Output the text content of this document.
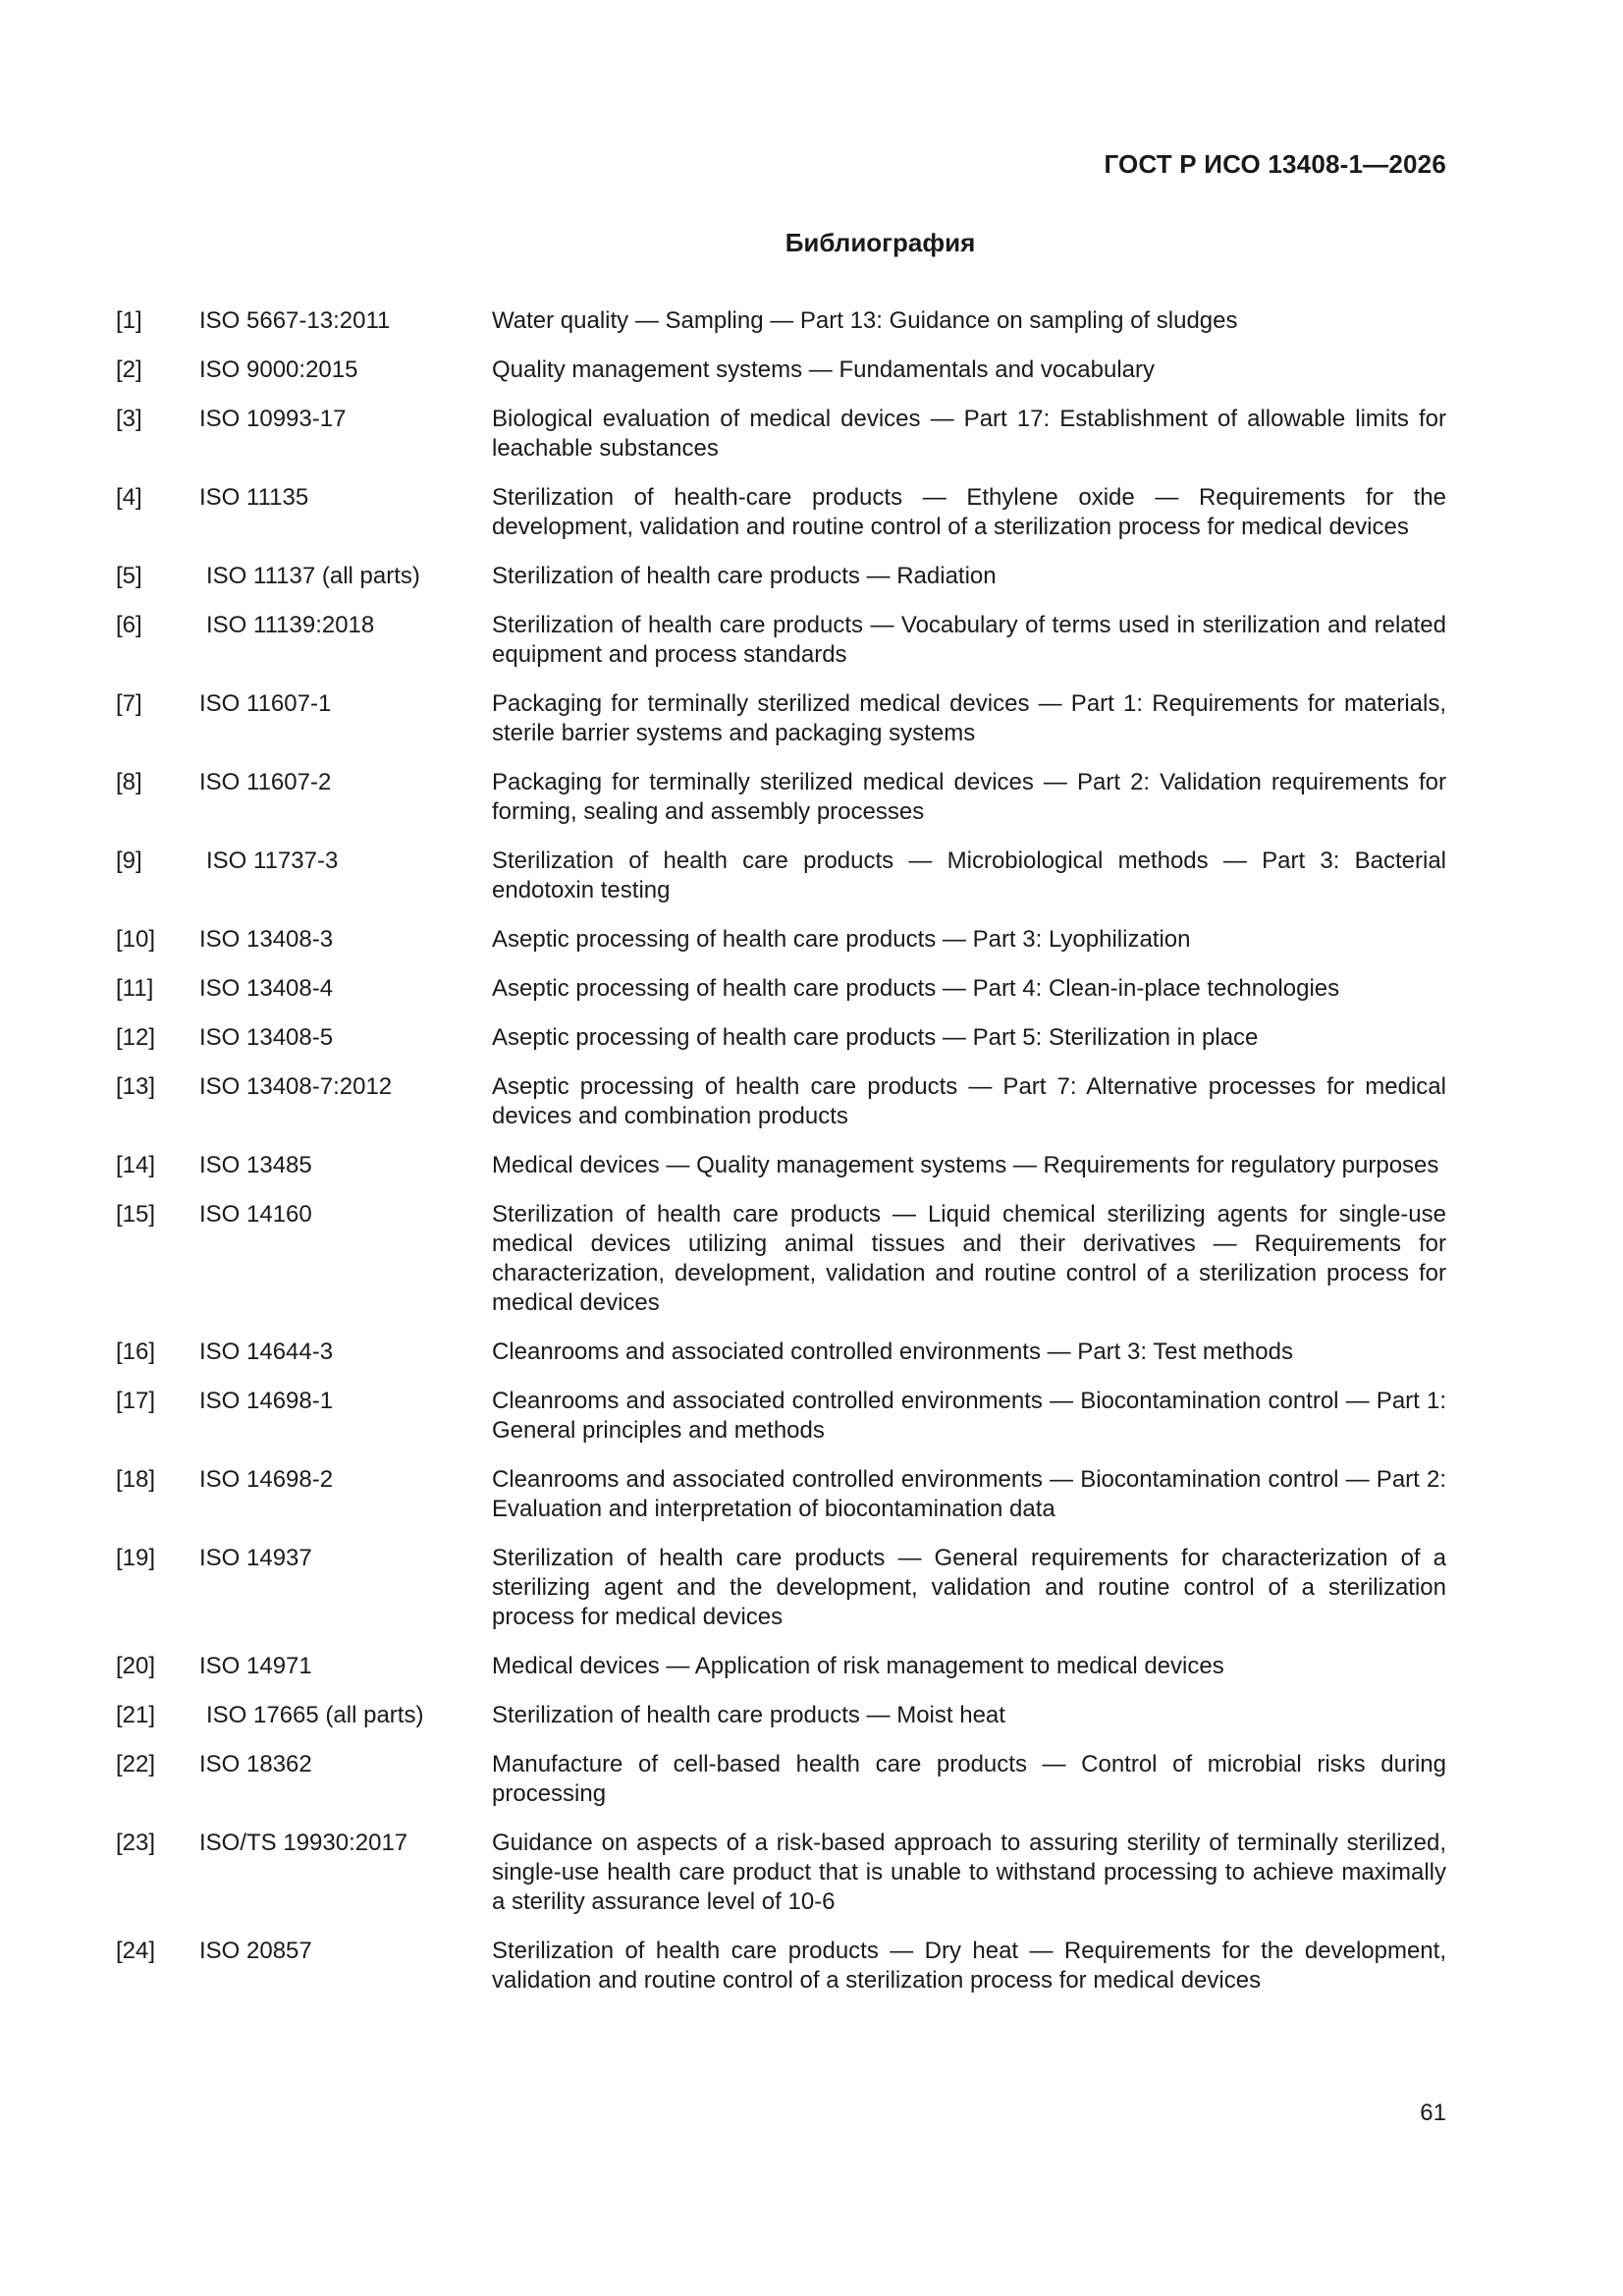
ГОСТ Р ИСО 13408-1—2026
Библиография
[1]	ISO 5667-13:2011	Water quality — Sampling — Part 13: Guidance on sampling of sludges
[2]	ISO 9000:2015	Quality management systems — Fundamentals and vocabulary
[3]	ISO 10993-17	Biological evaluation of medical devices — Part 17: Establishment of allowable limits for leachable substances
[4]	ISO 11135	Sterilization of health-care products — Ethylene oxide — Requirements for the development, validation and routine control of a sterilization process for medical devices
[5]	ISO 11137 (all parts)	Sterilization of health care products — Radiation
[6]	ISO 11139:2018	Sterilization of health care products — Vocabulary of terms used in sterilization and related equipment and process standards
[7]	ISO 11607-1	Packaging for terminally sterilized medical devices — Part 1: Requirements for materials, sterile barrier systems and packaging systems
[8]	ISO 11607-2	Packaging for terminally sterilized medical devices — Part 2: Validation requirements for forming, sealing and assembly processes
[9]	ISO 11737-3	Sterilization of health care products — Microbiological methods — Part 3: Bacterial endotoxin testing
[10]	ISO 13408-3	Aseptic processing of health care products — Part 3: Lyophilization
[11]	ISO 13408-4	Aseptic processing of health care products — Part 4: Clean-in-place technologies
[12]	ISO 13408-5	Aseptic processing of health care products — Part 5: Sterilization in place
[13]	ISO 13408-7:2012	Aseptic processing of health care products — Part 7: Alternative processes for medical devices and combination products
[14]	ISO 13485	Medical devices — Quality management systems — Requirements for regulatory purposes
[15]	ISO 14160	Sterilization of health care products — Liquid chemical sterilizing agents for single-use medical devices utilizing animal tissues and their derivatives — Requirements for characterization, development, validation and routine control of a sterilization process for medical devices
[16]	ISO 14644-3	Cleanrooms and associated controlled environments — Part 3: Test methods
[17]	ISO 14698-1	Cleanrooms and associated controlled environments — Biocontamination control — Part 1: General principles and methods
[18]	ISO 14698-2	Cleanrooms and associated controlled environments — Biocontamination control — Part 2: Evaluation and interpretation of biocontamination data
[19]	ISO 14937	Sterilization of health care products — General requirements for characterization of a sterilizing agent and the development, validation and routine control of a sterilization process for medical devices
[20]	ISO 14971	Medical devices — Application of risk management to medical devices
[21]	ISO 17665 (all parts)	Sterilization of health care products — Moist heat
[22]	ISO 18362	Manufacture of cell-based health care products — Control of microbial risks during processing
[23]	ISO/TS 19930:2017	Guidance on aspects of a risk-based approach to assuring sterility of terminally sterilized, single-use health care product that is unable to withstand processing to achieve maximally a sterility assurance level of 10-6
[24]	ISO 20857	Sterilization of health care products — Dry heat — Requirements for the development, validation and routine control of a sterilization process for medical devices
61
